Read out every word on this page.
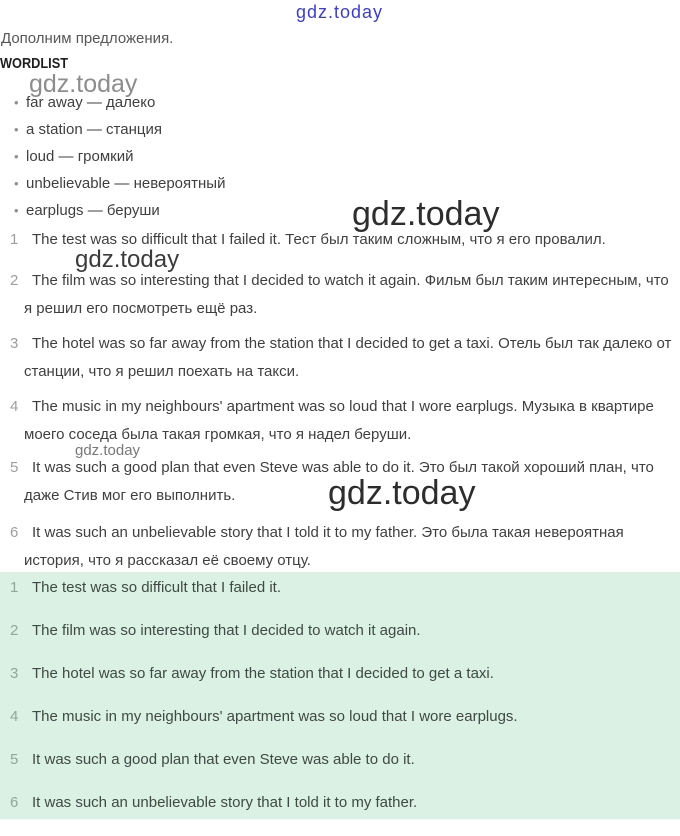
gdz.today
gdz.today
gdz.today
gdz.today
gdz.today
gdz.today
Дополним предложения.
WORDLIST
• far away — далеко
• a station — станция
• loud — громкий
• unbelievable — невероятный
• earplugs — беруши
1 The test was so difficult that I failed it. Тест был таким сложным, что я его провалил.
2 The film was so interesting that I decided to watch it again. Фильм был таким интересным, что я решил его посмотреть ещё раз.
3 The hotel was so far away from the station that I decided to get a taxi. Отель был так далеко от станции, что я решил поехать на такси.
4 The music in my neighbours' apartment was so loud that I wore earplugs. Музыка в квартире моего соседа была такая громкая, что я надел беруши.
5 It was such a good plan that even Steve was able to do it. Это был такой хороший план, что даже Стив мог его выполнить.
6 It was such an unbelievable story that I told it to my father. Это была такая невероятная история, что я рассказал её своему отцу.
1 The test was so difficult that I failed it.
2 The film was so interesting that I decided to watch it again.
3 The hotel was so far away from the station that I decided to get a taxi.
4 The music in my neighbours' apartment was so loud that I wore earplugs.
5 It was such a good plan that even Steve was able to do it.
6 It was such an unbelievable story that I told it to my father.
